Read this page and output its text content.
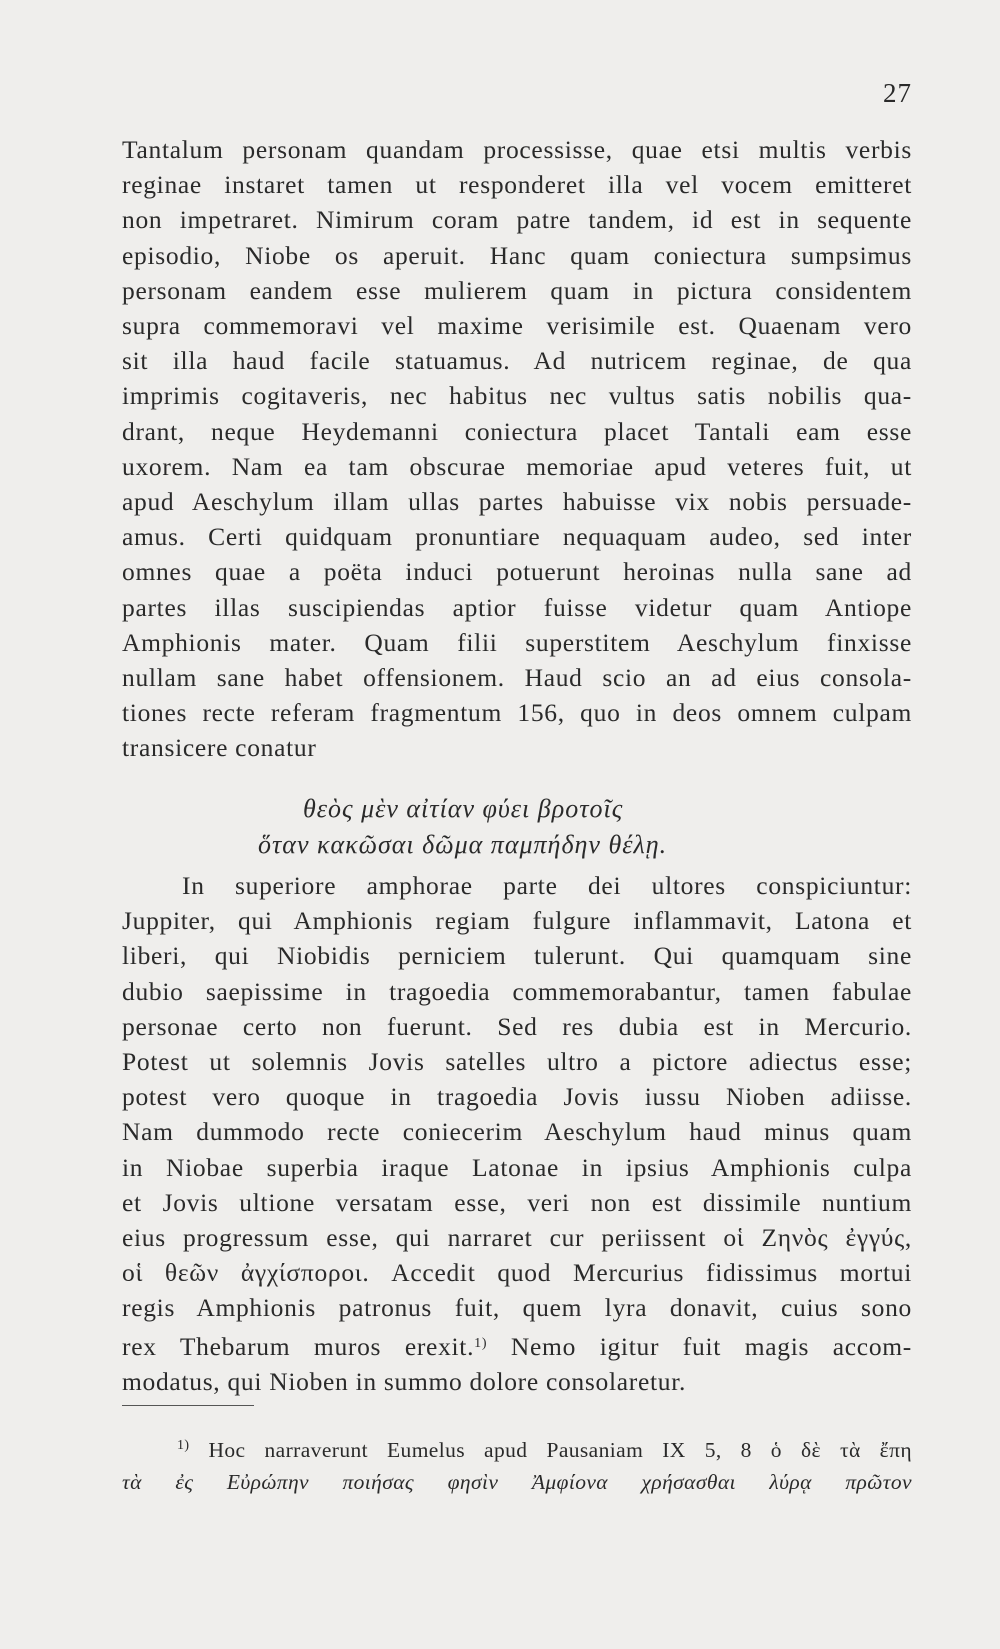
27
Tantalum personam quandam processisse, quae etsi multis verbis
reginae instaret tamen ut responderet illa vel vocem emitteret
non impetraret. Nimirum coram patre tandem, id est in sequente
episodio, Niobe os aperuit. Hanc quam coniectura sumpsimus
personam eandem esse mulierem quam in pictura considentem
supra commemoravi vel maxime verisimile est. Quaenam vero
sit illa haud facile statuamus. Ad nutricem reginae, de qua
imprimis cogitaveris, nec habitus nec vultus satis nobilis qua-
drant, neque Heydemanni coniectura placet Tantali eam esse
uxorem. Nam ea tam obscurae memoriae apud veteres fuit, ut
apud Aeschylum illam ullas partes habuisse vix nobis persuade-
amus. Certi quidquam pronuntiare nequaquam audeo, sed inter
omnes quae a poëta induci potuerunt heroinas nulla sane ad
partes illas suscipiendas aptior fuisse videtur quam Antiope
Amphionis mater. Quam filii superstitem Aeschylum finxisse
nullam sane habet offensionem. Haud scio an ad eius consola-
tiones recte referam fragmentum 156, quo in deos omnem culpam
transicere conatur
θεὸς μὲν αἰτίαν φύει βροτοῖς
ὅταν κακῶσαι δῶμα παμπήδην θέλῃ.
In superiore amphorae parte dei ultores conspiciuntur:
Juppiter, qui Amphionis regiam fulgure inflammavit, Latona et
liberi, qui Niobidis perniciem tulerunt. Qui quamquam sine
dubio saepissime in tragoedia commemorabantur, tamen fabulae
personae certo non fuerunt. Sed res dubia est in Mercurio.
Potest ut solemnis Jovis satelles ultro a pictore adiectus esse;
potest vero quoque in tragoedia Jovis iussu Nioben adiisse.
Nam dummodo recte coniecerim Aeschylum haud minus quam
in Niobae superbia iraque Latonae in ipsius Amphionis culpa
et Jovis ultione versatam esse, veri non est dissimile nuntium
eius progressum esse, qui narraret cur periissent οἱ Ζηνὸς ἐγγύς,
οἱ θεῶν ἀγχίσποροι. Accedit quod Mercurius fidissimus mortui
regis Amphionis patronus fuit, quem lyra donavit, cuius sono
rex Thebarum muros erexit.$^{1)}$ Nemo igitur fuit magis accom-
modatus, qui Nioben in summo dolore consolaretur.
$^{1)}$ Hoc narraverunt Eumelus apud Pausaniam IX 5, 8 ὁ δὲ τὰ ἔπη
τὰ ἐς Εὐρώπην ποιήσας φησὶν Ἀμφίονα χρήσασθαι λύρᾳ πρῶτον
